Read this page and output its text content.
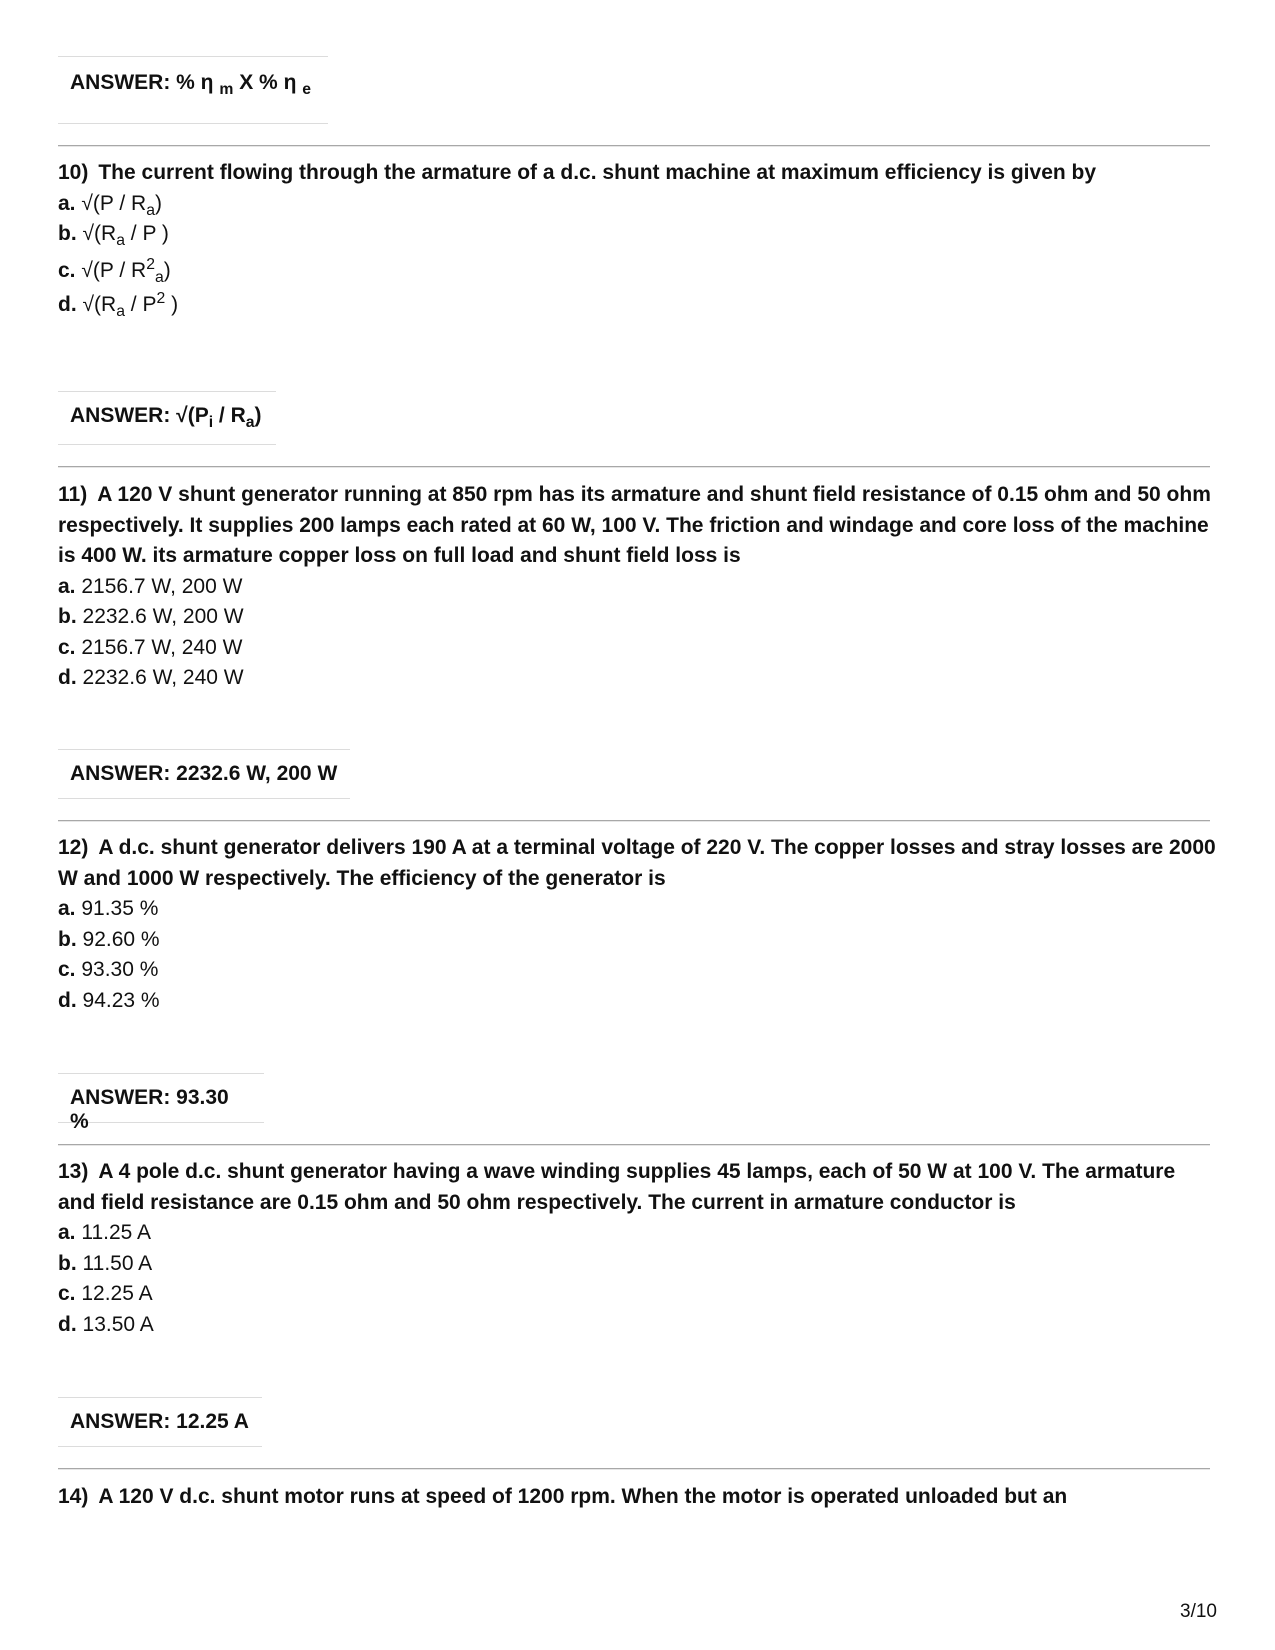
ANSWER: % η $_m$ X % η $_e$

10) The current flowing through the armature of a d.c. shunt machine at maximum efficiency is given by

a. $√(P / R_a)$

b. $√(R_a$ / P )

c. $√(P / R^2_a)$

d. $√(R_a / P^2$ )

ANSWER: $√(P_i / R_a)$

11) A 120 V shunt generator running at 850 rpm has its armature and shunt field resistance of 0.15 ohm and 50 ohm respectively. It supplies 200 lamps each rated at 60 W, 100 V. The friction and windage and core loss of the machine is 400 W. its armature copper loss on full load and shunt field loss is

a. 2156.7 W, 200 W

b. 2232.6 W, 200 W

c. 2156.7 W, 240 W

d. 2232.6 W, 240 W

ANSWER: 2232.6 W, 200 W

12) A d.c. shunt generator delivers 190 A at a terminal voltage of 220 V. The copper losses and stray losses are 2000 W and 1000 W respectively. The efficiency of the generator is

a. 91.35 %

b. 92.60 %

c. 93.30 %

d. 94.23 %

ANSWER: 93.30 %

13) A 4 pole d.c. shunt generator having a wave winding supplies 45 lamps, each of 50 W at 100 V. The armature and field resistance are 0.15 ohm and 50 ohm respectively. The current in armature conductor is

a. 11.25 A

b. 11.50 A

c. 12.25 A

d. 13.50 A

ANSWER: 12.25 A

14) A 120 V d.c. shunt motor runs at speed of 1200 rpm. When the motor is operated unloaded but an

3/10
